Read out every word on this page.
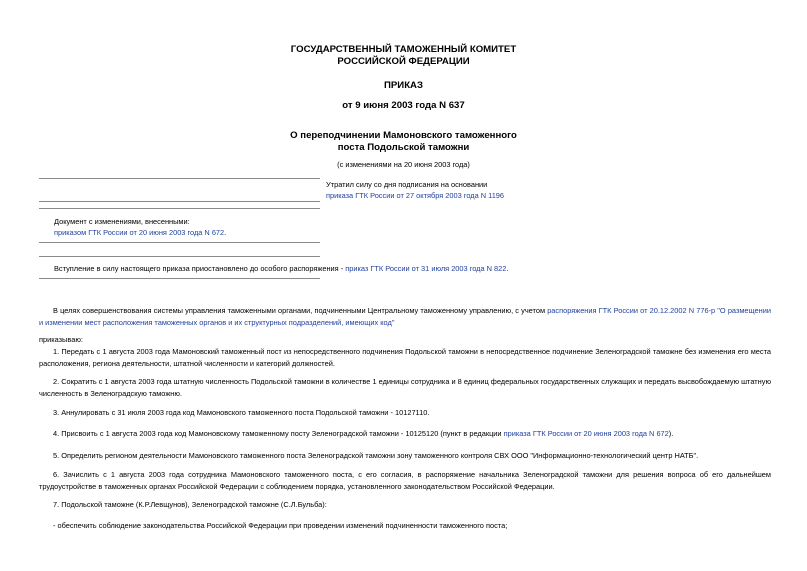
ГОСУДАРСТВЕННЫЙ ТАМОЖЕННЫЙ КОМИТЕТ
РОССИЙСКОЙ ФЕДЕРАЦИИ
ПРИКАЗ
от 9 июня 2003 года N 637
О переподчинении Мамоновского таможенного
поста Подольской таможни
(с изменениями на 20 июня 2003 года)
Утратил силу со дня подписания на основании
приказа ГТК России от 27 октября 2003 года N 1196
Документ с изменениями, внесенными:
приказом ГТК России от 20 июня 2003 года N 672.
Вступление в силу настоящего приказа приостановлено до особого распоряжения - приказ ГТК России от 31 июля 2003 года N 822.
В целях совершенствования системы управления таможенными органами, подчиненными Центральному таможенному управлению, с учетом распоряжения ГТК России от 20.12.2002 N 776-р "О размещении и изменении мест расположения таможенных органов и их структурных подразделений, имеющих код"
приказываю:
1. Передать с 1 августа 2003 года Мамоновский таможенный пост из непосредственного подчинения Подольской таможни в непосредственное подчинение Зеленоградской таможне без изменения его места расположения, региона деятельности, штатной численности и категорий должностей.
2. Сократить с 1 августа 2003 года штатную численность Подольской таможни в количестве 1 единицы сотрудника и 8 единиц федеральных государственных служащих и передать высвобождаемую штатную численность в Зеленоградскую таможню.
3. Аннулировать с 31 июля 2003 года код Мамоновского таможенного поста Подольской таможни - 10127110.
4. Присвоить с 1 августа 2003 года код Мамоновскому таможенному посту Зеленоградской таможни - 10125120 (пункт в редакции приказа ГТК России от 20 июня 2003 года N 672).
5. Определить регионом деятельности Мамоновского таможенного поста Зеленоградской таможни зону таможенного контроля СВХ ООО "Информационно-технологический центр НАТБ".
6. Зачислить с 1 августа 2003 года сотрудника Мамоновского таможенного поста, с его согласия, в распоряжение начальника Зеленоградской таможни для решения вопроса об его дальнейшем трудоустройстве в таможенных органах Российской Федерации с соблюдением порядка, установленного законодательством Российской Федерации.
7. Подольской таможне (К.Р.Левщунов), Зеленоградской таможне (С.Л.Бульба):
- обеспечить соблюдение законодательства Российской Федерации при проведении изменений подчиненности таможенного поста;
